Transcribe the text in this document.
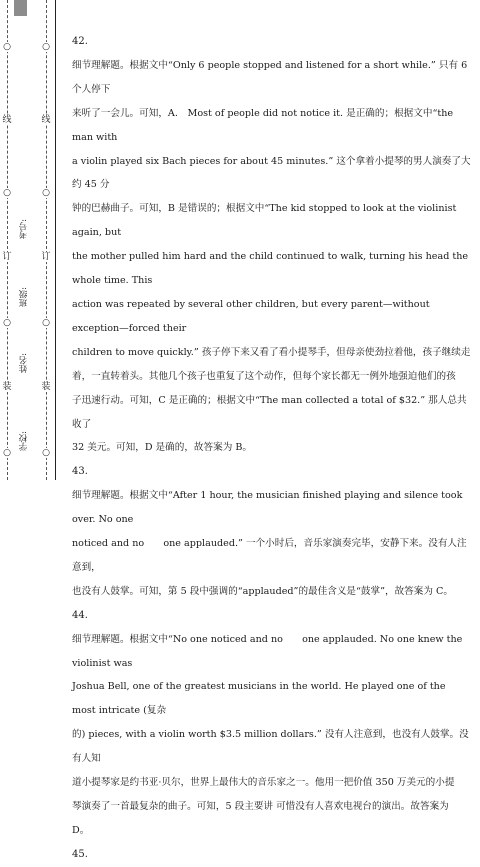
○
线
○
订
○
装
○
○
线
○
订
○
装
○
学校:
姓名:
班级:
考号:

42.

细节理解题。根据文中“Only 6 people stopped and listened for a short while.” 只有 6 个人停下

来听了一会儿。可知，A.　Most of people did not notice it. 是正确的；根据文中“the man with

a violin played six Bach pieces for about 45 minutes.” 这个拿着小提琴的男人演奏了大约 45 分

钟的巴赫曲子。可知，B 是错误的；根据文中“The kid stopped to look at the violinist again, but

the mother pulled him hard and the child continued to walk, turning his head the whole time. This

action was repeated by several other children, but every parent—without exception—forced their

children to move quickly.” 孩子停下来又看了看小提琴手，但母亲使劲拉着他，孩子继续走

着，一直转着头。其他几个孩子也重复了这个动作，但每个家长都无一例外地强迫他们的孩

子迅速行动。可知，C 是正确的；根据文中“The man collected a total of $32.” 那人总共收了

32 美元。可知，D 是确的，故答案为 B。

43.

细节理解题。根据文中“After 1 hour, the musician finished playing and silence took over. No one

noticed and no　　one applauded.” 一个小时后，音乐家演奏完毕，安静下来。没有人注意到，

也没有人鼓掌。可知，第 5 段中强调的“applauded”的最佳含义是“鼓掌”，故答案为 C。

44.

细节理解题。根据文中“No one noticed and no　　one applauded. No one knew the violinist was

Joshua Bell, one of the greatest musicians in the world. He played one of the most intricate (复杂

的) pieces, with a violin worth $3.5 million dollars.” 没有人注意到，也没有人鼓掌。没有人知

道小提琴家是约书亚·贝尔，世界上最伟大的音乐家之一。他用一把价值 350 万美元的小提

琴演奏了一首最复杂的曲子。可知，5 段主要讲 可惜没有人喜欢电视台的演出。故答案为

D。

45.
